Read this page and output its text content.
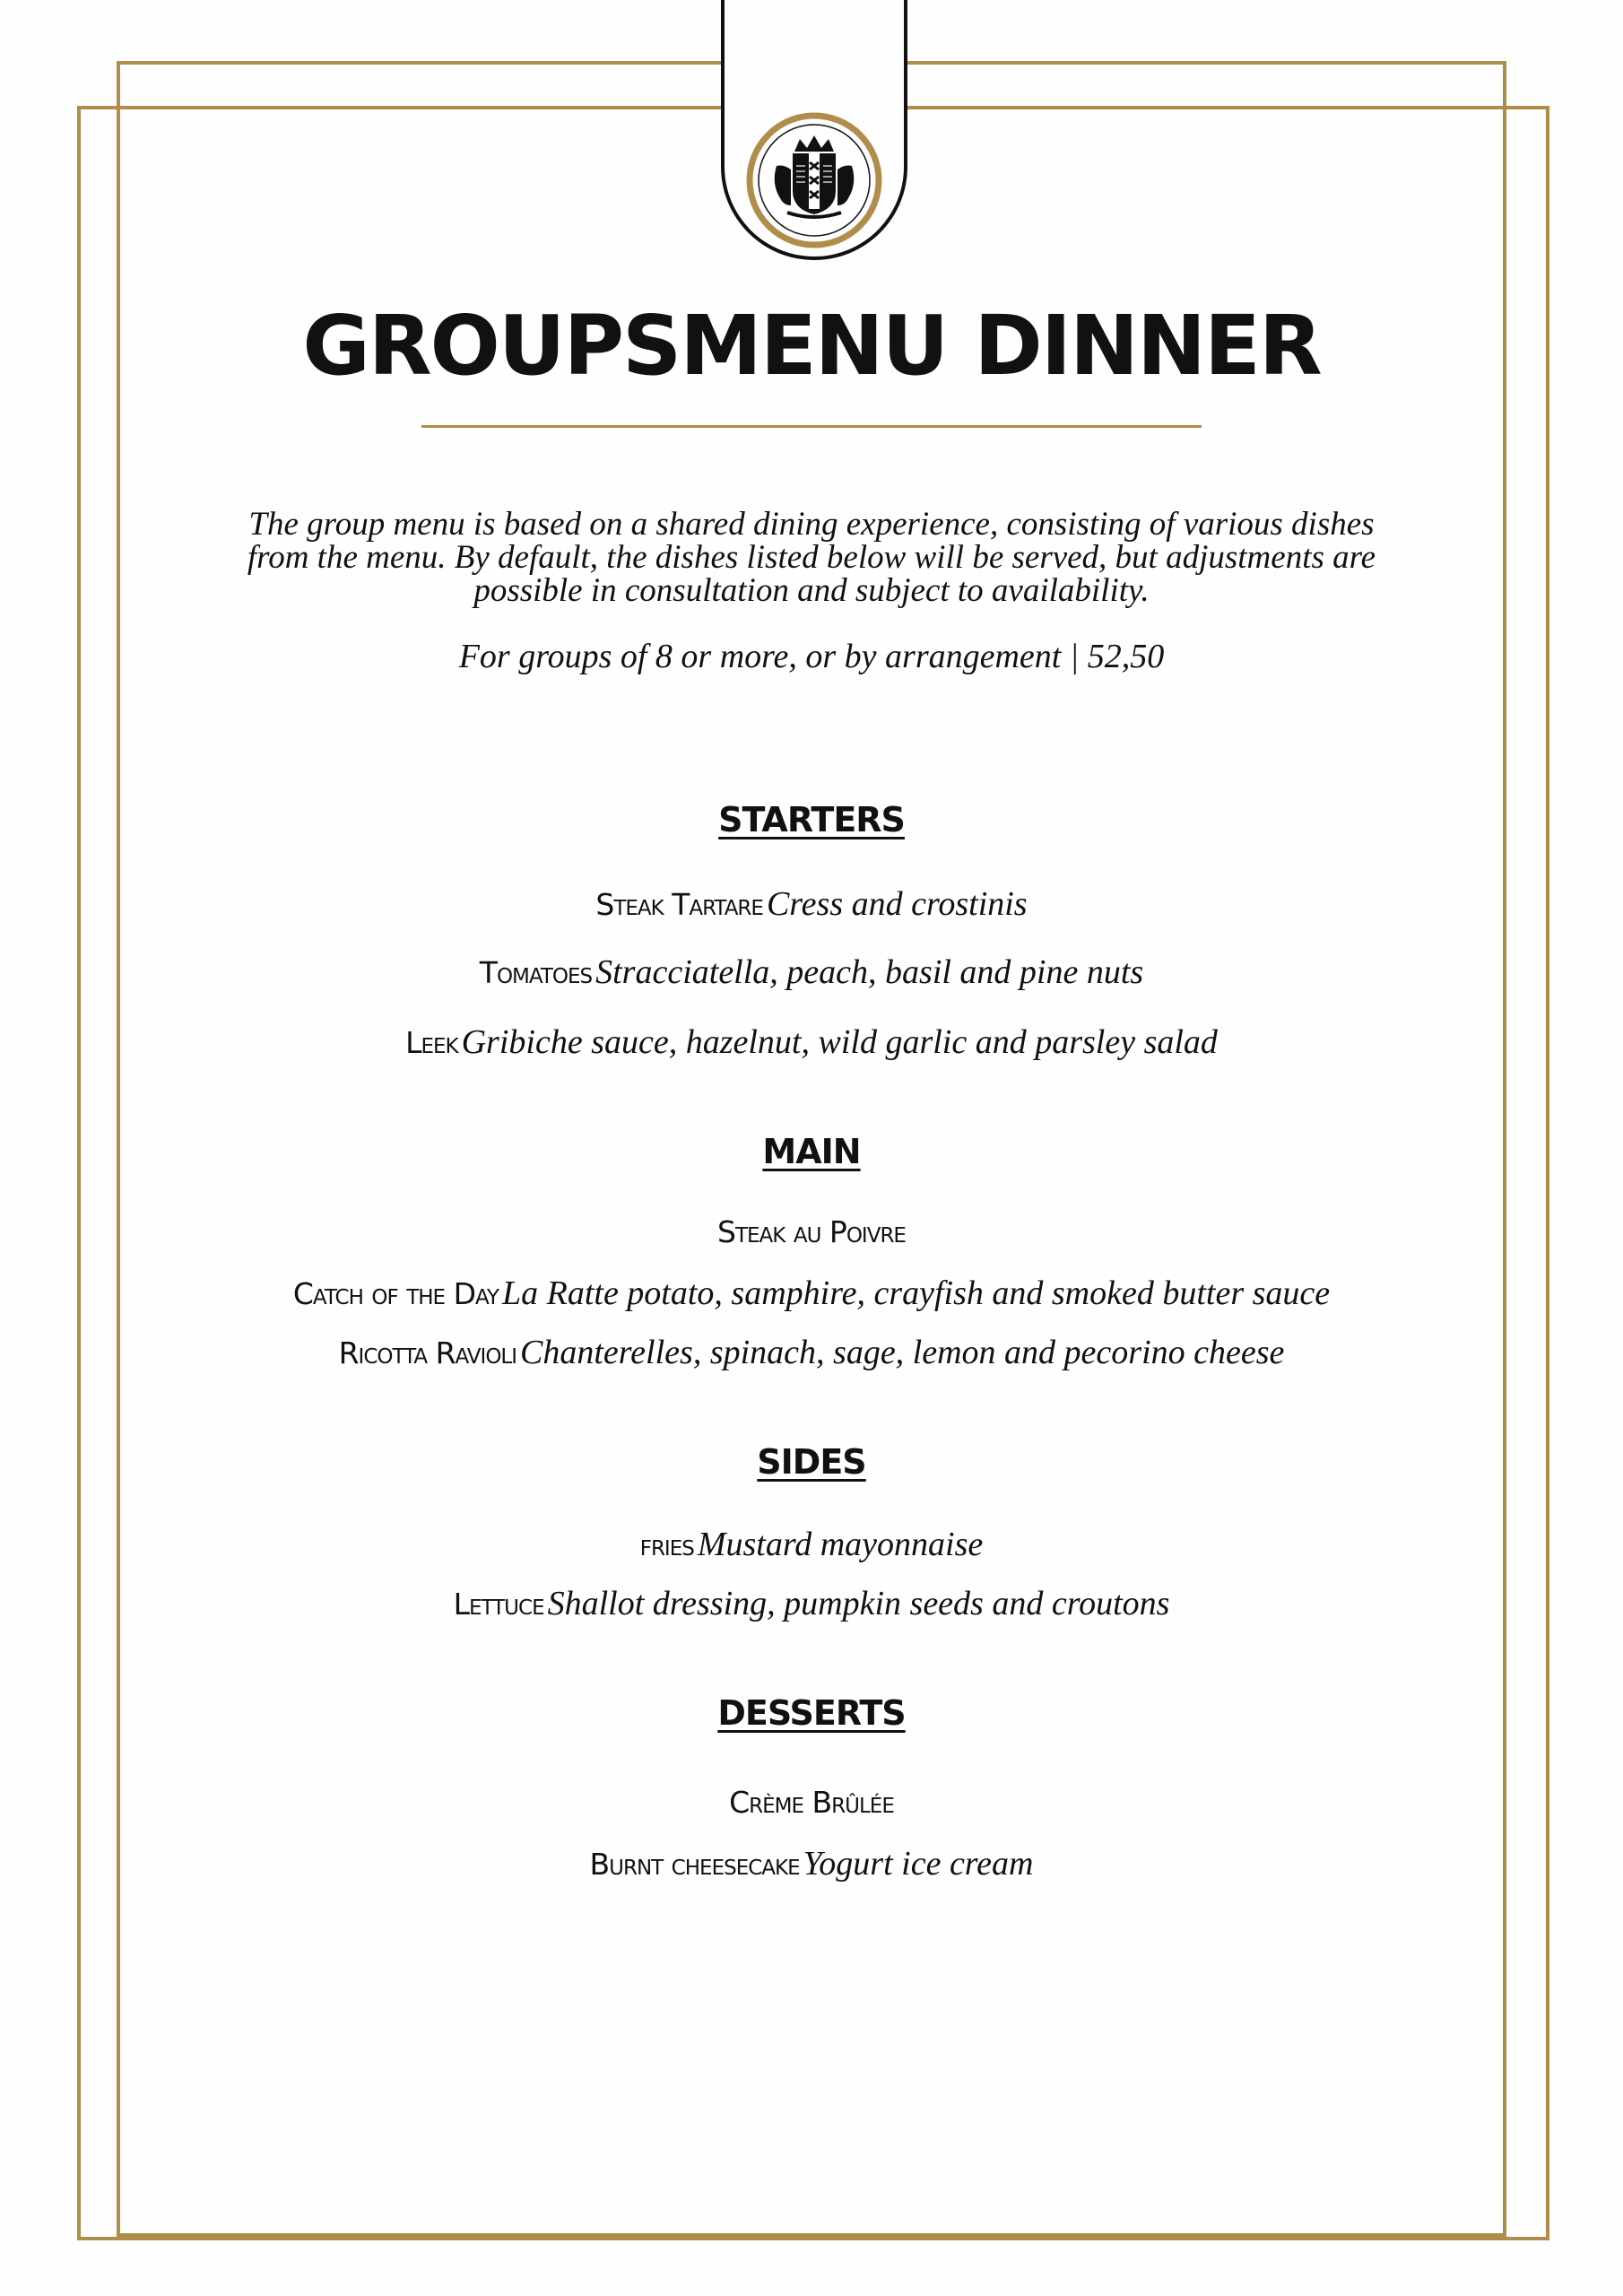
GROUPSMENU DINNER

The group menu is based on a shared dining experience, consisting of various dishes from the menu. By default, the dishes listed below will be served, but adjustments are possible in consultation and subject to availability.

For groups of 8 or more, or by arrangement | 52,50

STARTERS

Steak Tartare Cress and crostinis

Tomatoes Stracciatella, peach, basil and pine nuts

Leek Gribiche sauce, hazelnut, wild garlic and parsley salad

MAIN

Steak au Poivre

Catch of the Day La Ratte potato, samphire, crayfish and smoked butter sauce

Ricotta Ravioli Chanterelles, spinach, sage, lemon and pecorino cheese

SIDES

fries Mustard mayonnaise

Lettuce Shallot dressing, pumpkin seeds and croutons

DESSERTS

Crème Brûlée

Burnt cheesecake Yogurt ice cream
